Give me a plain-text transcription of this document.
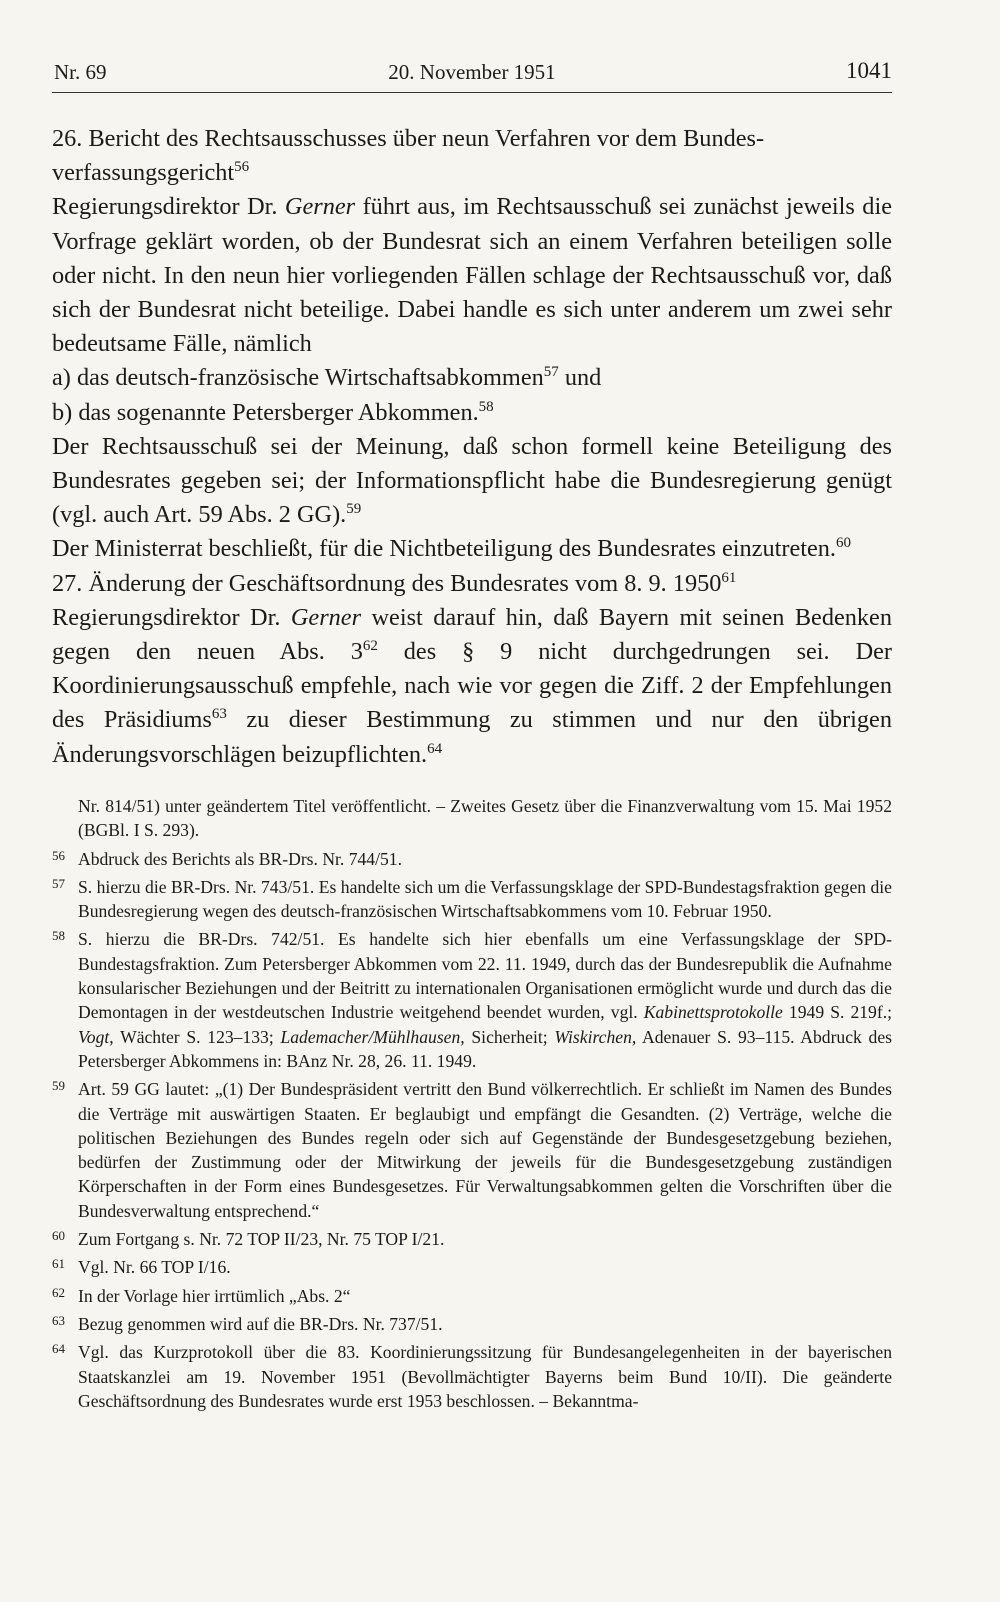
Nr. 69	20. November 1951	1041

26. Bericht des Rechtsausschusses über neun Verfahren vor dem Bundes-verfassungsgericht$^{56}$

Regierungsdirektor Dr. Gerner führt aus, im Rechtsausschuß sei zunächst jeweils die Vorfrage geklärt worden, ob der Bundesrat sich an einem Verfahren beteiligen solle oder nicht. In den neun hier vorliegenden Fällen schlage der Rechtsausschuß vor, daß sich der Bundesrat nicht beteilige. Dabei handle es sich unter anderem um zwei sehr bedeutsame Fälle, nämlich

a) das deutsch-französische Wirtschaftsabkommen$^{57}$ und

b) das sogenannte Petersberger Abkommen.$^{58}$

Der Rechtsausschuß sei der Meinung, daß schon formell keine Beteiligung des Bundesrates gegeben sei; der Informationspflicht habe die Bundesregierung genügt (vgl. auch Art. 59 Abs. 2 GG).$^{59}$

Der Ministerrat beschließt, für die Nichtbeteiligung des Bundesrates einzutreten.$^{60}$

27. Änderung der Geschäftsordnung des Bundesrates vom 8. 9. 1950$^{61}$

Regierungsdirektor Dr. Gerner weist darauf hin, daß Bayern mit seinen Bedenken gegen den neuen Abs. $3^{62}$ des § 9 nicht durchgedrungen sei. Der Koordinierungsausschuß empfehle, nach wie vor gegen die Ziff. 2 der Empfehlungen des Präsidiums$^{63}$ zu dieser Bestimmung zu stimmen und nur den übrigen Änderungsvorschlägen beizupflichten.$^{64}$

Nr. 814/51) unter geändertem Titel veröffentlicht. – Zweites Gesetz über die Finanzverwaltung vom 15. Mai 1952 (BGBl. I S. 293).

56 Abdruck des Berichts als BR-Drs. Nr. 744/51.

57 S. hierzu die BR-Drs. Nr. 743/51. Es handelte sich um die Verfassungsklage der SPD-Bundestagsfraktion gegen die Bundesregierung wegen des deutsch-französischen Wirtschaftsabkommens vom 10. Februar 1950.

58 S. hierzu die BR-Drs. 742/51. Es handelte sich hier ebenfalls um eine Verfassungsklage der SPD-Bundestagsfraktion. Zum Petersberger Abkommen vom 22. 11. 1949, durch das der Bundesrepublik die Aufnahme konsularischer Beziehungen und der Beitritt zu internationalen Organisationen ermöglicht wurde und durch das die Demontagen in der westdeutschen Industrie weitgehend beendet wurden, vgl. Kabinettsprotokolle 1949 S. 219f.; Vogt, Wächter S. 123–133; Lademacher/Mühlhausen, Sicherheit; Wiskirchen, Adenauer S. 93–115. Abdruck des Petersberger Abkommens in: BAnz Nr. 28, 26. 11. 1949.

59 Art. 59 GG lautet: „(1) Der Bundespräsident vertritt den Bund völkerrechtlich. Er schließt im Namen des Bundes die Verträge mit auswärtigen Staaten. Er beglaubigt und empfängt die Gesandten. (2) Verträge, welche die politischen Beziehungen des Bundes regeln oder sich auf Gegenstände der Bundesgesetzgebung beziehen, bedürfen der Zustimmung oder der Mitwirkung der jeweils für die Bundesgesetzgebung zuständigen Körperschaften in der Form eines Bundesgesetzes. Für Verwaltungsabkommen gelten die Vorschriften über die Bundesverwaltung entsprechend.“

60 Zum Fortgang s. Nr. 72 TOP II/23, Nr. 75 TOP I/21.

61 Vgl. Nr. 66 TOP I/16.

62 In der Vorlage hier irrtümlich „Abs. 2“

63 Bezug genommen wird auf die BR-Drs. Nr. 737/51.

64 Vgl. das Kurzprotokoll über die 83. Koordinierungssitzung für Bundesangelegenheiten in der bayerischen Staatskanzlei am 19. November 1951 (Bevollmächtigter Bayerns beim Bund 10/II). Die geänderte Geschäftsordnung des Bundesrates wurde erst 1953 beschlossen. – Bekanntma-
